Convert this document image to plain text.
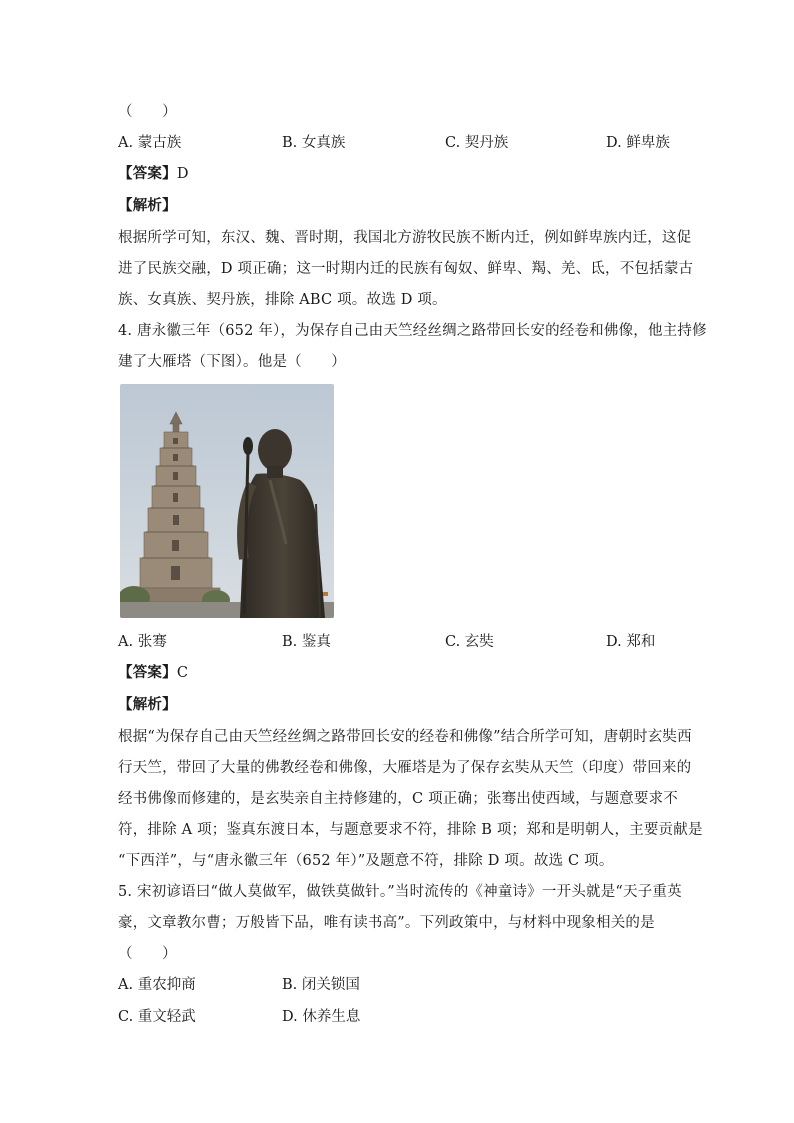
（　　）
A. 蒙古族	B. 女真族	C. 契丹族	D. 鲜卑族
【答案】D
【解析】
根据所学可知，东汉、魏、晋时期，我国北方游牧民族不断内迁，例如鲜卑族内迁，这促
进了民族交融，D 项正确；这一时期内迁的民族有匈奴、鲜卑、羯、羌、氐，不包括蒙古
族、女真族、契丹族，排除 ABC 项。故选 D 项。
4. 唐永徽三年（652 年），为保存自己由天竺经丝绸之路带回长安的经卷和佛像，他主持修
建了大雁塔（下图）。他是（　　）
A. 张骞	B. 鉴真	C. 玄奘	D. 郑和
【答案】C
【解析】
根据“为保存自己由天竺经丝绸之路带回长安的经卷和佛像”结合所学可知，唐朝时玄奘西
行天竺，带回了大量的佛教经卷和佛像，大雁塔是为了保存玄奘从天竺（印度）带回来的
经书佛像而修建的，是玄奘亲自主持修建的，C 项正确；张骞出使西域，与题意要求不
符，排除 A 项；鉴真东渡日本，与题意要求不符，排除 B 项；郑和是明朝人，主要贡献是
“下西洋”，与“唐永徽三年（652 年）”及题意不符，排除 D 项。故选 C 项。
5. 宋初谚语曰“做人莫做军，做铁莫做针。”当时流传的《神童诗》一开头就是“天子重英
豪，文章教尔曹；万般皆下品，唯有读书高”。下列政策中，与材料中现象相关的是
（　　）
A. 重农抑商	B. 闭关锁国
C. 重文轻武	D. 休养生息
